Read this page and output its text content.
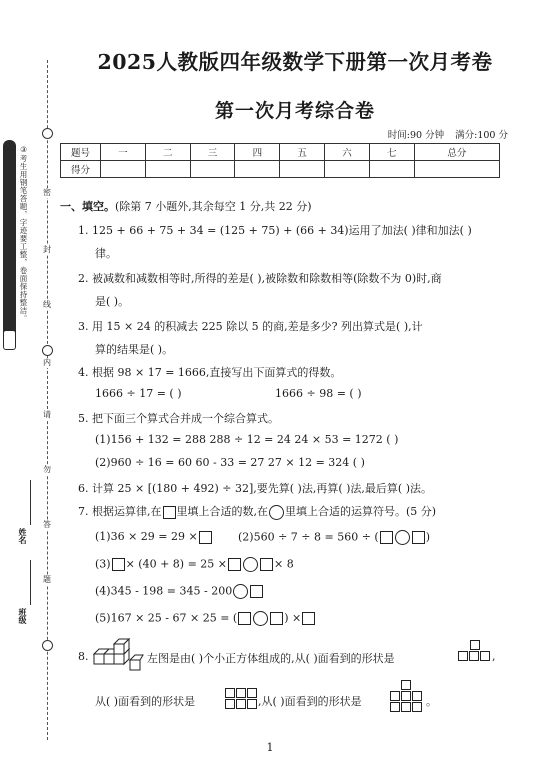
密
封
线
内
请
勿
答
题
③考生用钢笔答题，字迹要工整，卷面保持整洁。
姓名
班级
2025人教版四年级数学下册第一次月考卷
第一次月考综合卷
时间:90 分钟 满分:100 分
题号	一	二	三	四	五	六	七	总分
得分								
一、填空。(除第 7 小题外,其余每空 1 分,共 22 分)
1. 125 + 66 + 75 + 34 = (125 + 75) + (66 + 34)运用了加法( )律和加法( )
律。
2. 被减数和减数相等时,所得的差是( ),被除数和除数相等(除数不为 0)时,商
是( )。
3. 用 15 × 24 的积减去 225 除以 5 的商,差是多少? 列出算式是( ),计
算的结果是( )。
4. 根据 98 × 17 = 1666,直接写出下面算式的得数。
1666 ÷ 17 = ( )	1666 ÷ 98 = ( )
5. 把下面三个算式合并成一个综合算式。
(1)156 + 132 = 288 288 ÷ 12 = 24 24 × 53 = 1272 ( )
(2)960 ÷ 16 = 60 60 - 33 = 27 27 × 12 = 324 ( )
6. 计算 25 × [(180 + 492) ÷ 32],要先算( )法,再算( )法,最后算( )法。
7. 根据运算律,在 里填上合适的数,在 里填上合适的运算符号。(5 分)
(1)36 × 29 = 29 ×	(2)560 ÷ 7 ÷ 8 = 560 ÷ (	)
(3) × (40 + 8) = 25 ×	× 8
(4)345 - 198 = 345 - 200
(5)167 × 25 - 67 × 25 = (	) ×
8.	左图是由( )个小正方体组成的,从( )面看到的形状是	,
从( )面看到的形状是	,从( )面看到的形状是	。
1
